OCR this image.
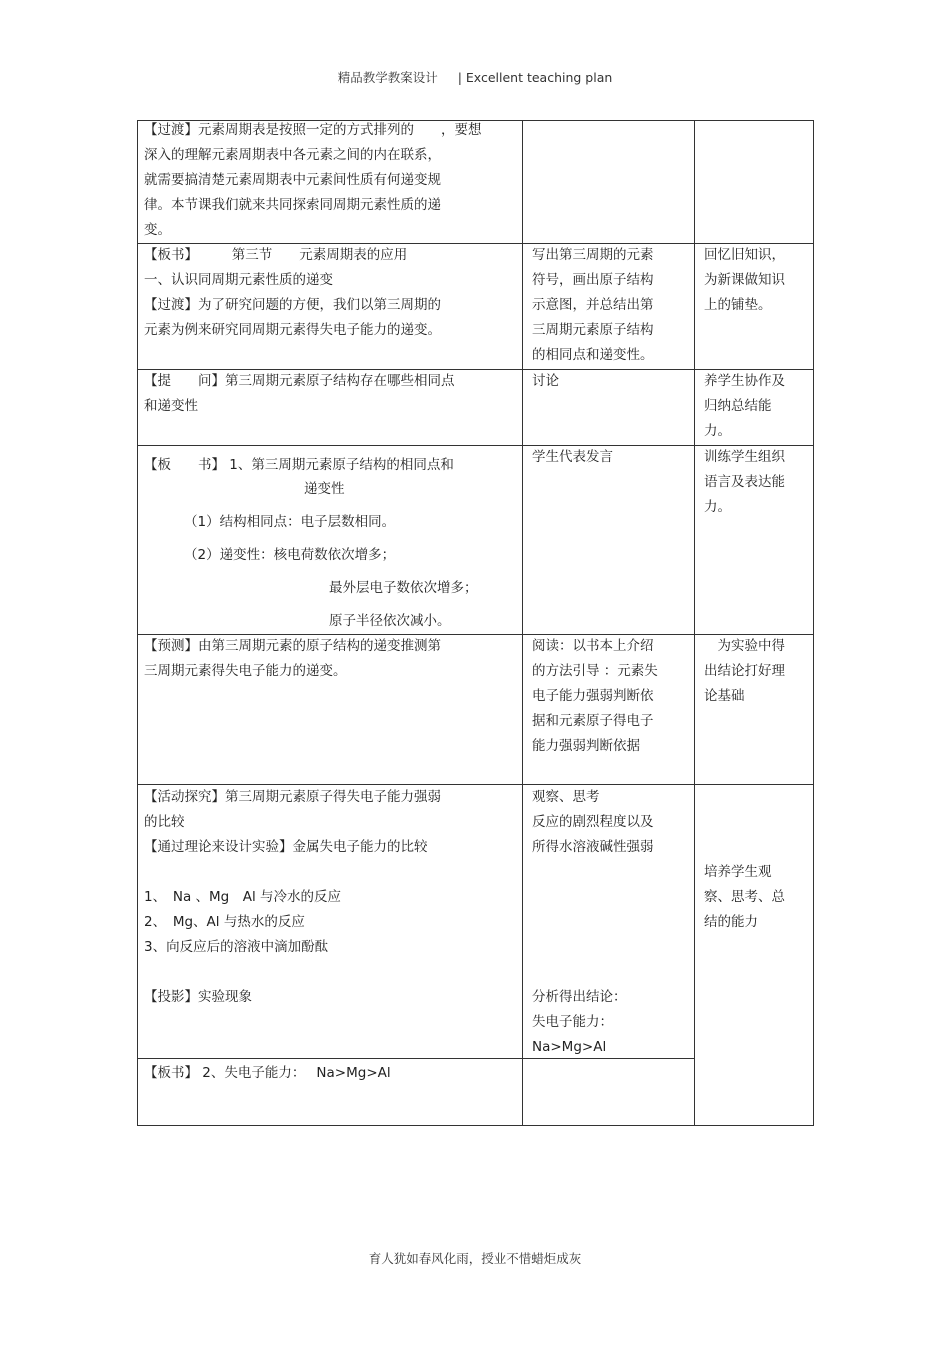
精品教学教案设计 | Excellent teaching plan
【过渡】元素周期表是按照一定的方式排列的　　，要想
深入的理解元素周期表中各元素之间的内在联系，
就需要搞清楚元素周期表中元素间性质有何递变规
律。本节课我们就来共同探索同周期元素性质的递
变。
【板书】　　　第三节　　元素周期表的应用
一、认识同周期元素性质的递变
【过渡】为了研究问题的方便，我们以第三周期的
元素为例来研究同周期元素得失电子能力的递变。
写出第三周期的元素
符号，画出原子结构
示意图，并总结出第
三周期元素原子结构
的相同点和递变性。
回忆旧知识，
为新课做知识
上的铺垫。
【提　　问】第三周期元素原子结构存在哪些相同点
和递变性
讨论	养学生协作及
归纳总结能
力。
【板　　书】 1、第三周期元素原子结构的相同点和
递变性
（1）结构相同点：电子层数相同。
（2）递变性：核电荷数依次增多；
最外层电子数依次增多；
原子半径依次减小。
学生代表发言	训练学生组织
语言及表达能
力。
【预测】由第三周期元素的原子结构的递变推测第
三周期元素得失电子能力的递变。
阅读：以书本上介绍
的方法引导 ：元素失
电子能力强弱判断依
据和元素原子得电子
能力强弱判断依据
　为实验中得
出结论打好理
论基础
【活动探究】第三周期元素原子得失电子能力强弱
的比较
【通过理论来设计实验】金属失电子能力的比较
1、　Na 、Mg　Al 与冷水的反应
2、　Mg、Al 与热水的反应
3、向反应后的溶液中滴加酚酞
【投影】实验现象
观察、思考
反应的剧烈程度以及
所得水溶液碱性强弱
分析得出结论：
失电子能力：
Na>Mg>Al
培养学生观
察、思考、总
结的能力
【板书】 2、失电子能力：　 Na>Mg>Al
育人犹如春风化雨，授业不惜蜡炬成灰
